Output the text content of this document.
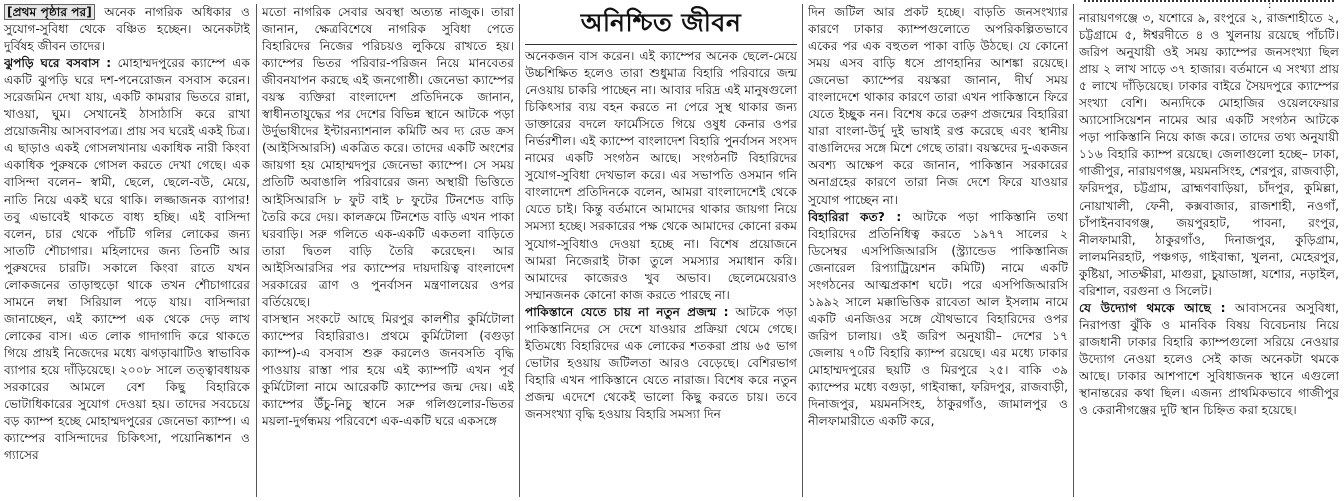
:

[প্রথম পৃষ্ঠার পর] অনেক নাগরিক অধিকার ও সুযোগ-সুবিধা থেকে বঞ্চিত হচ্ছেন। অনেকটাই দুর্বিষহ জীবন তাদের।

ঝুপড়ি ঘরে বসবাস : মোহাম্মদপুরের ক্যাম্পে এক একটি ঝুপড়ি ঘরে দশ-পনেরোজন বসবাস করেন। সরেজমিন দেখা যায়, একটি কামরার ভিতরে রান্না, খাওয়া, ঘুম। সেখানেই ঠাসাঠাসি করে রাখা প্রয়োজনীয় আসবাবপত্র। প্রায় সব ঘরেই একই চিত্র। এ ছাড়াও একই গোসলখানায় একাধিক নারী কিংবা একাধিক পুরুষকে গোসল করতে দেখা গেছে। এক বাসিন্দা বলেন– স্বামী, ছেলে, ছেলে-বউ, মেয়ে, নাতি নিয়ে একই ঘরে থাকি। লজ্জাজনক ব্যাপার! তবু এভাবেই থাকতে বাধ্য হচ্ছি। এই বাসিন্দা বলেন, চার থেকে পাঁচটি গলির লোকের জন্য সাতটি শৌচাগার। মহিলাদের জন্য তিনটি আর পুরুষদের চারটি। সকালে কিংবা রাতে যখন লোকজনের তাড়াহুড়ো থাকে তখন শৌচাগারের সামনে লম্বা সিরিয়াল পড়ে যায়। বাসিন্দারা জানাচ্ছেন, এই ক্যাম্পে এক থেকে দেড় লাখ লোকের বাস। এত লোক গাদাগাদি করে থাকতে গিয়ে প্রায়ই নিজেদের মধ্যে ঝগড়াঝাটিও স্বাভাবিক ব্যাপার হয়ে দাঁড়িয়েছে। ২০০৮ সালে তত্ত্বাবধায়ক সরকারের আমলে বেশ কিছু বিহারিকে ভোটাধিকারের সুযোগ দেওয়া হয়। তাদের সবচেয়ে বড় ক্যাম্প হচ্ছে মোহাম্মদপুরের জেনেভা ক্যাম্প। এ ক্যাম্পের বাসিন্দাদের চিকিৎসা, পয়োনিষ্কাশন ও গ্যাসের

মতো নাগরিক সেবার অবস্থা অত্যন্ত নাজুক। তারা জানান, ক্ষেত্রবিশেষে নাগরিক সুবিধা পেতে বিহারিদের নিজের পরিচয়ও লুকিয়ে রাখতে হয়। ক্যাম্পের ভিতর পরিবার-পরিজন নিয়ে মানবেতর জীবনযাপন করছে এই জনগোষ্ঠী। জেনেভা ক্যাম্পের বয়স্ক ব্যক্তিরা বাংলাদেশ প্রতিদিনকে জানান, স্বাধীনতাযুদ্ধের পর দেশের বিভিন্ন স্থানে আটকে পড়া উর্দুভাষীদের ইন্টারন্যাশনাল কমিটি অব দ্য রেড ক্রস (আইসিআরসি) একত্রিত করে। তাদের একটি অংশের জায়গা হয় মোহাম্মদপুর জেনেভা ক্যাম্পে। সে সময় প্রতিটি অবাঙালি পরিবারের জন্য অস্থায়ী ভিত্তিতে আইসিআরসি ৮ ফুট বাই ৮ ফুটের টিনশেড বাড়ি তৈরি করে দেয়। কালক্রমে টিনশেড বাড়ি এখন পাকা ঘরবাড়ি। সরু গলিতে এক-একটি একতলা বাড়িতে তারা দ্বিতল বাড়ি তৈরি করেছেন। আর আইসিআরসির পর ক্যাম্পের দায়দায়িত্ব বাংলাদেশ সরকারের ত্রাণ ও পুনর্বাসন মন্ত্রণালয়ের ওপর বর্তিয়েছে।

বাসস্থান সংকটে আছে মিরপুর কালশীর কুর্মিটোলা ক্যাম্পের বিহারিরাও। প্রথমে কুর্মিটোলা (বগুড়া ক্যাম্প)-এ বসবাস শুরু করলেও জনবসতি বৃদ্ধি পাওয়ায় রাস্তা পার হয়ে এই ক্যাম্পটি এখন পূর্ব কুর্মিটোলা নামে আরেকটি ক্যাম্পের জন্ম দেয়। এই ক্যাম্পের উঁচু-নিচু স্থানে সরু গলিগুলোর-ভিতর ময়লা-দুর্গন্ধময় পরিবেশে এক-একটি ঘরে একসঙ্গে

অনিশ্চিত জীবন

অনেকজন বাস করেন। এই ক্যাম্পের অনেক ছেলে-মেয়ে উচ্চশিক্ষিত হলেও তারা শুধুমাত্র বিহারি পরিবারে জন্ম নেওয়ায় চাকরি পাচ্ছেন না। আবার দরিদ্র এই মানুষগুলো চিকিৎসার ব্যয় বহন করতে না পেরে সুস্থ থাকার জন্য ডাক্তারের বদলে ফার্মেসিতে গিয়ে ওষুধ কেনার ওপর নির্ভরশীল। এই ক্যাম্পে বাংলাদেশ বিহারি পুনর্বাসন সংসদ নামের একটি সংগঠন আছে। সংগঠনটি বিহারিদের সুযোগ-সুবিধা দেখভাল করে। এর সভাপতি ওসমান গনি বাংলাদেশ প্রতিদিনকে বলেন, আমরা বাংলাদেশেই থেকে যেতে চাই। কিন্তু বর্তমানে আমাদের থাকার জায়গা নিয়ে সমস্যা হচ্ছে। সরকারের পক্ষ থেকে আমাদের কোনো রকম সুযোগ-সুবিধাও দেওয়া হচ্ছে না। বিশেষ প্রয়োজনে আমরা নিজেরাই টাকা তুলে সমস্যার সমাধান করি। আমাদের কাজেরও খুব অভাব। ছেলেমেয়েরাও সম্মানজনক কোনো কাজ করতে পারছে না।

পাকিস্তানে যেতে চায় না নতুন প্রজন্ম : আটকে পড়া পাকিস্তানিদের সে দেশে যাওয়ার প্রক্রিয়া থেমে গেছে। ইতিমধ্যে বিহারিদের এক লোকের শতকরা প্রায় ৬৫ ভাগ ভোটার হওয়ায় জটিলতা আরও বেড়েছে। বেশিরভাগ বিহারি এখন পাকিস্তানে যেতে নারাজ। বিশেষ করে নতুন প্রজন্ম এদেশে থেকেই ভালো কিছু করতে চায়। তবে জনসংখ্যা বৃদ্ধি হওয়ায় বিহারি সমস্যা দিন

দিন জটিল আর প্রকট হচ্ছে। বাড়তি জনসংখ্যার কারণে ঢাকার ক্যাম্পগুলোতে অপরিকল্পিতভাবে একের পর এক বহুতল পাকা বাড়ি উঠছে। যে কোনো সময় এসব বাড়ি ধসে প্রাণহানির আশঙ্কা রয়েছে। জেনেভা ক্যাম্পের বয়স্করা জানান, দীর্ঘ সময় বাংলাদেশে থাকার কারণে তারা এখন পাকিস্তানে ফিরে যেতে ইচ্ছুক নন। বিশেষ করে তরুণ প্রজন্মের বিহারিরা যারা বাংলা-উর্দু দুই ভাষাই রপ্ত করেছে এবং স্থানীয় বাঙালিদের সঙ্গে মিশে গেছে তারা। বয়স্কদের দু-একজন অবশ্য আক্ষেপ করে জানান, পাকিস্তান সরকারের অনাগ্রহের কারণে তারা নিজ দেশে ফিরে যাওয়ার সুযোগ পাচ্ছেন না।

বিহারিরা কত? : আটকে পড়া পাকিস্তানি তথা বিহারিদের প্রতিনিধিত্ব করতে ১৯৭৭ সালের ২ ডিসেম্বর এসপিজিআরসি (স্ট্র্যান্ডেড পাকিস্তানিজ জেনারেল রিপ্যাট্রিয়েশন কমিটি) নামে একটি সংগঠনের আত্মপ্রকাশ ঘটে। পরে এসপিজিআরসি ১৯৯২ সালে মক্কাভিত্তিক রাবেতা আল ইসলাম নামে একটি এনজিওর সঙ্গে যৌথভাবে বিহারিদের ওপর জরিপ চালায়। ওই জরিপ অনুযায়ী– দেশের ১৭ জেলায় ৭০টি বিহারি ক্যাম্প রয়েছে। এর মধ্যে ঢাকার মোহাম্মদপুরের ছয়টি ও মিরপুরে ২৫। বাকি ৩৯ ক্যাম্পের মধ্যে বগুড়া, গাইবান্ধা, ফরিদপুর, রাজবাড়ী, দিনাজপুর, ময়মনসিংহ, ঠাকুরগাঁও, জামালপুর ও নীলফামারীতে একটি করে,

নারায়ণগঞ্জে ৩, যশোরে ৯, রংপুরে ২, রাজশাহীতে ২, চট্টগ্রামে ৫, ঈশ্বরদীতে ৪ ও খুলনায় রয়েছে পাঁচটি। জরিপ অনুযায়ী ওই সময় ক্যাম্পের জনসংখ্যা ছিল প্রায় ২ লাখ সাড়ে ৩৭ হাজার। বর্তমানে এ সংখ্যা প্রায় ৫ লাখে দাঁড়িয়েছে। ঢাকার বাইরে সৈয়দপুরে ক্যাম্পের সংখ্যা বেশি। অন্যদিকে মোহাজির ওয়েলফেয়ার অ্যাসোসিয়েশন নামের আর একটি সংগঠন আটকে পড়া পাকিস্তানি নিয়ে কাজ করে। তাদের তথ্য অনুযায়ী ১১৬ বিহারি ক্যাম্প রয়েছে। জেলাগুলো হচ্ছে– ঢাকা, গাজীপুর, নারায়ণগঞ্জ, ময়মনসিংহ, শেরপুর, রাজবাড়ী, ফরিদপুর, চট্টগ্রাম, ব্রাহ্মণবাড়িয়া, চাঁদপুর, কুমিল্লা, নোয়াখালী, ফেনী, কক্সবাজার, রাজশাহী, নওগাঁ, চাঁপাইনবাবগঞ্জ, জয়পুরহাট, পাবনা, রংপুর, নীলফামারী, ঠাকুরগাঁও, দিনাজপুর, কুড়িগ্রাম, লালমনিরহাট, পঞ্চগড়, গাইবান্ধা, খুলনা, মেহেরপুর, কুষ্টিয়া, সাতক্ষীরা, মাগুরা, চুয়াডাঙ্গা, যশোর, নড়াইল, বরিশাল, বরগুনা ও সিলেট।

যে উদ্যোগ থমকে আছে : আবাসনের অসুবিধা, নিরাপত্তা ঝুঁকি ও মানবিক বিষয় বিবেচনায় নিয়ে রাজধানী ঢাকার বিহারি ক্যাম্পগুলো সরিয়ে নেওয়ার উদ্যোগ নেওয়া হলেও সেই কাজ অনেকটা থমকে আছে। ঢাকার আশপাশে সুবিধাজনক স্থানে এগুলো স্থানান্তরের কথা ছিল। এজন্য প্রাথমিকভাবে গাজীপুর ও কেরানীগঞ্জের দুটি স্থান চিহ্নিত করা হয়েছে।
